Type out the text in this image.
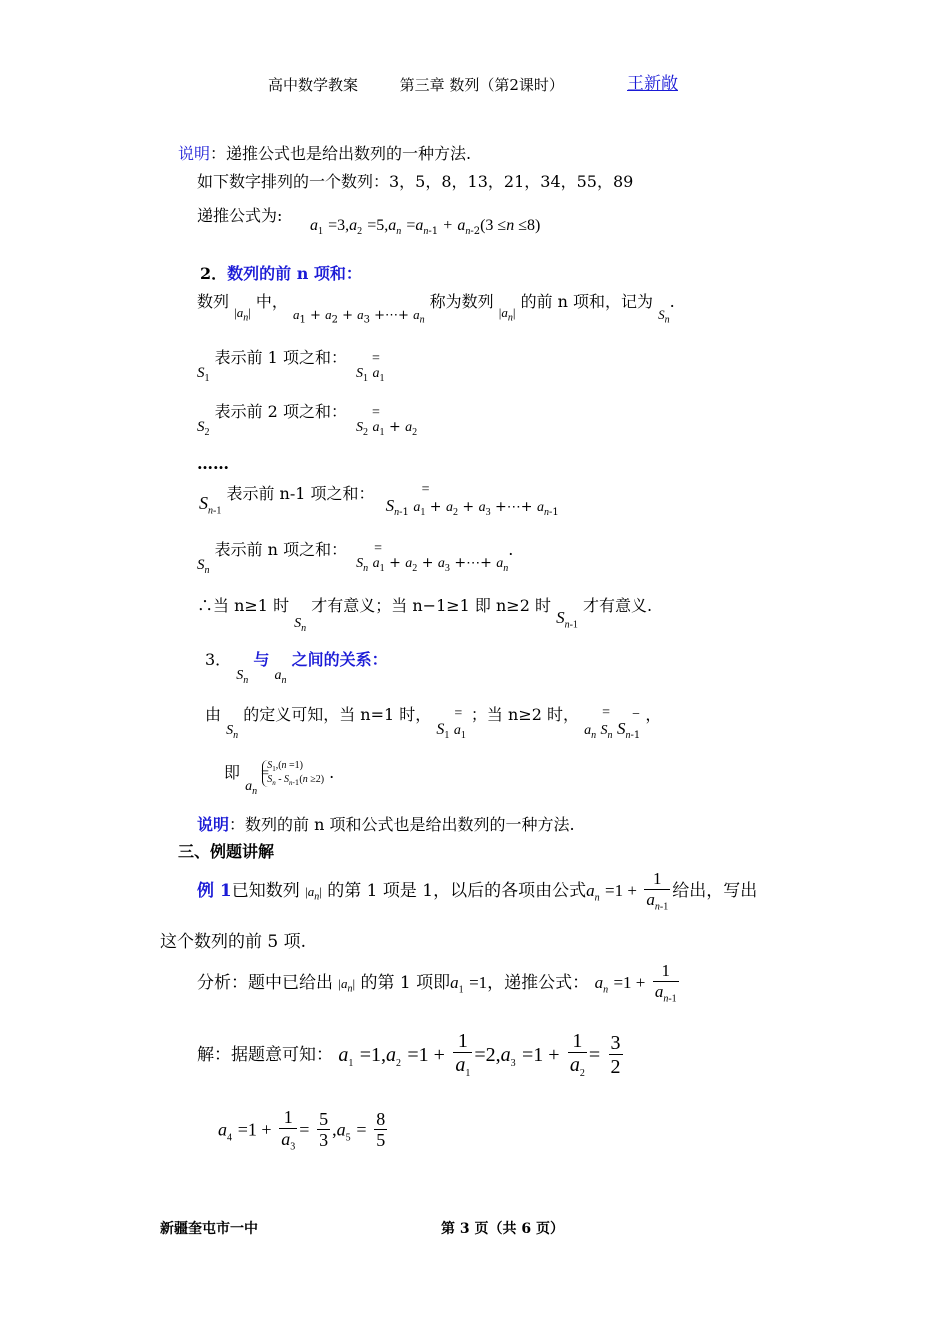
高中数学教案	第三章 数列（第2课时）	王新敞
说明：递推公式也是给出数列的一种方法.
如下数字排列的一个数列：3，5，8，13，21，34，55，89
递推公式为:
$a_1 =3,a_2 =5,a_n =a_{n-1} + a_{n-2}(3 \le n \le 8)$
2．数列的前 n 项和：
数列 $_{|a_n|}$ 中， $_{a_1 + a_2 + a_3 +\cdots+ a_n}$ 称为数列 $_{|a_n|}$ 的前 n 项和，记为 $_{S_n}$.
$S_1$ 表示前 1 项之和： =
$S_1$ $a_1$
$S_2$ 表示前 2 项之和： =
$S_2$ $a_1 + a_2$
……
$S_{n-1}$ 表示前 n-1 项之和：	=
$S_{n-1}$ $a_1 + a_2 + a_3$ +⋯+ $a_{n-1}$
$S_n$ 表示前 n 项之和： =
$S_n$ $a_1 + a_2 + a_3$ +⋯+ $a_n$.
∴当 n≥1 时 $S_n$ 才有意义；当 n−1≥1 即 n≥2 时 $S_{n-1}$ 才有意义.
3． $S_n$ 与 $a_n$ 之间的关系：
由 $S_n$ 的定义可知，当 n=1 时， =
$S_1$ $a_1$ ；当 n≥2 时， = −
$a_n$ $S_n$ $S_{n-1}$ ，
即 =
$a_n$ $S_1,(n =1)$
$S_n - S_{n-1}(n \ge 2)$ .
说明：数列的前 n 项和公式也是给出数列的一种方法.
三、例题讲解
例 1已知数列 $|a_n|$ 的第 1 项是 1，以后的各项由公式$a_n =1 + \frac{1}{a_{n-1}}$ 给出，写出
这个数列的前 5 项.
分析：题中已给出 $|a_n|$ 的第 1 项即$a_1 =1$，递推公式： $a_n =1 + \frac{1}{a_{n-1}}$
解：据题意可知： $a_1 =1,a_2 =1 + \frac{1}{a_1} =2,a_3 =1 + \frac{1}{a_2} = \frac{3}{2}$
$a_4 =1 + \frac{1}{a_3} = \frac{5}{3} ,a_5 = \frac{8}{5}$
新疆奎屯市一中	第 3 页（共 6 页）
